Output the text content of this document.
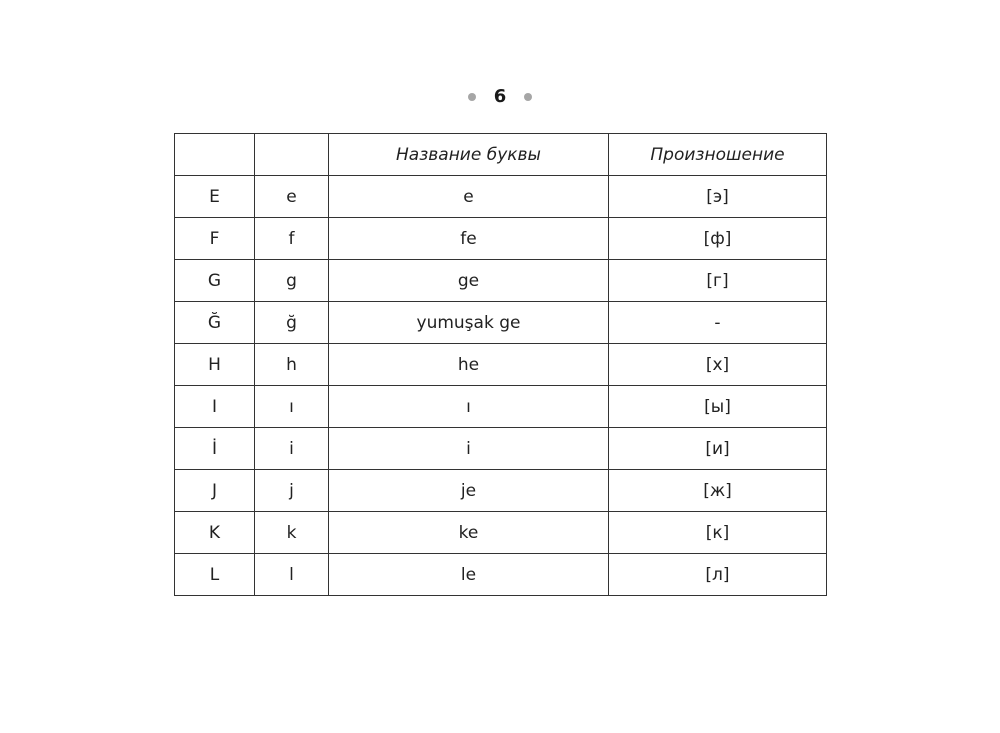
6
		Название буквы	Произношение
E	e	e	[э]
F	f	fe	[ф]
G	g	ge	[г]
Ğ	ğ	yumuşak ge	-
H	h	he	[х]
I	ı	ı	[ы]
İ	i	i	[и]
J	j	je	[ж]
K	k	ke	[к]
L	l	le	[л]
